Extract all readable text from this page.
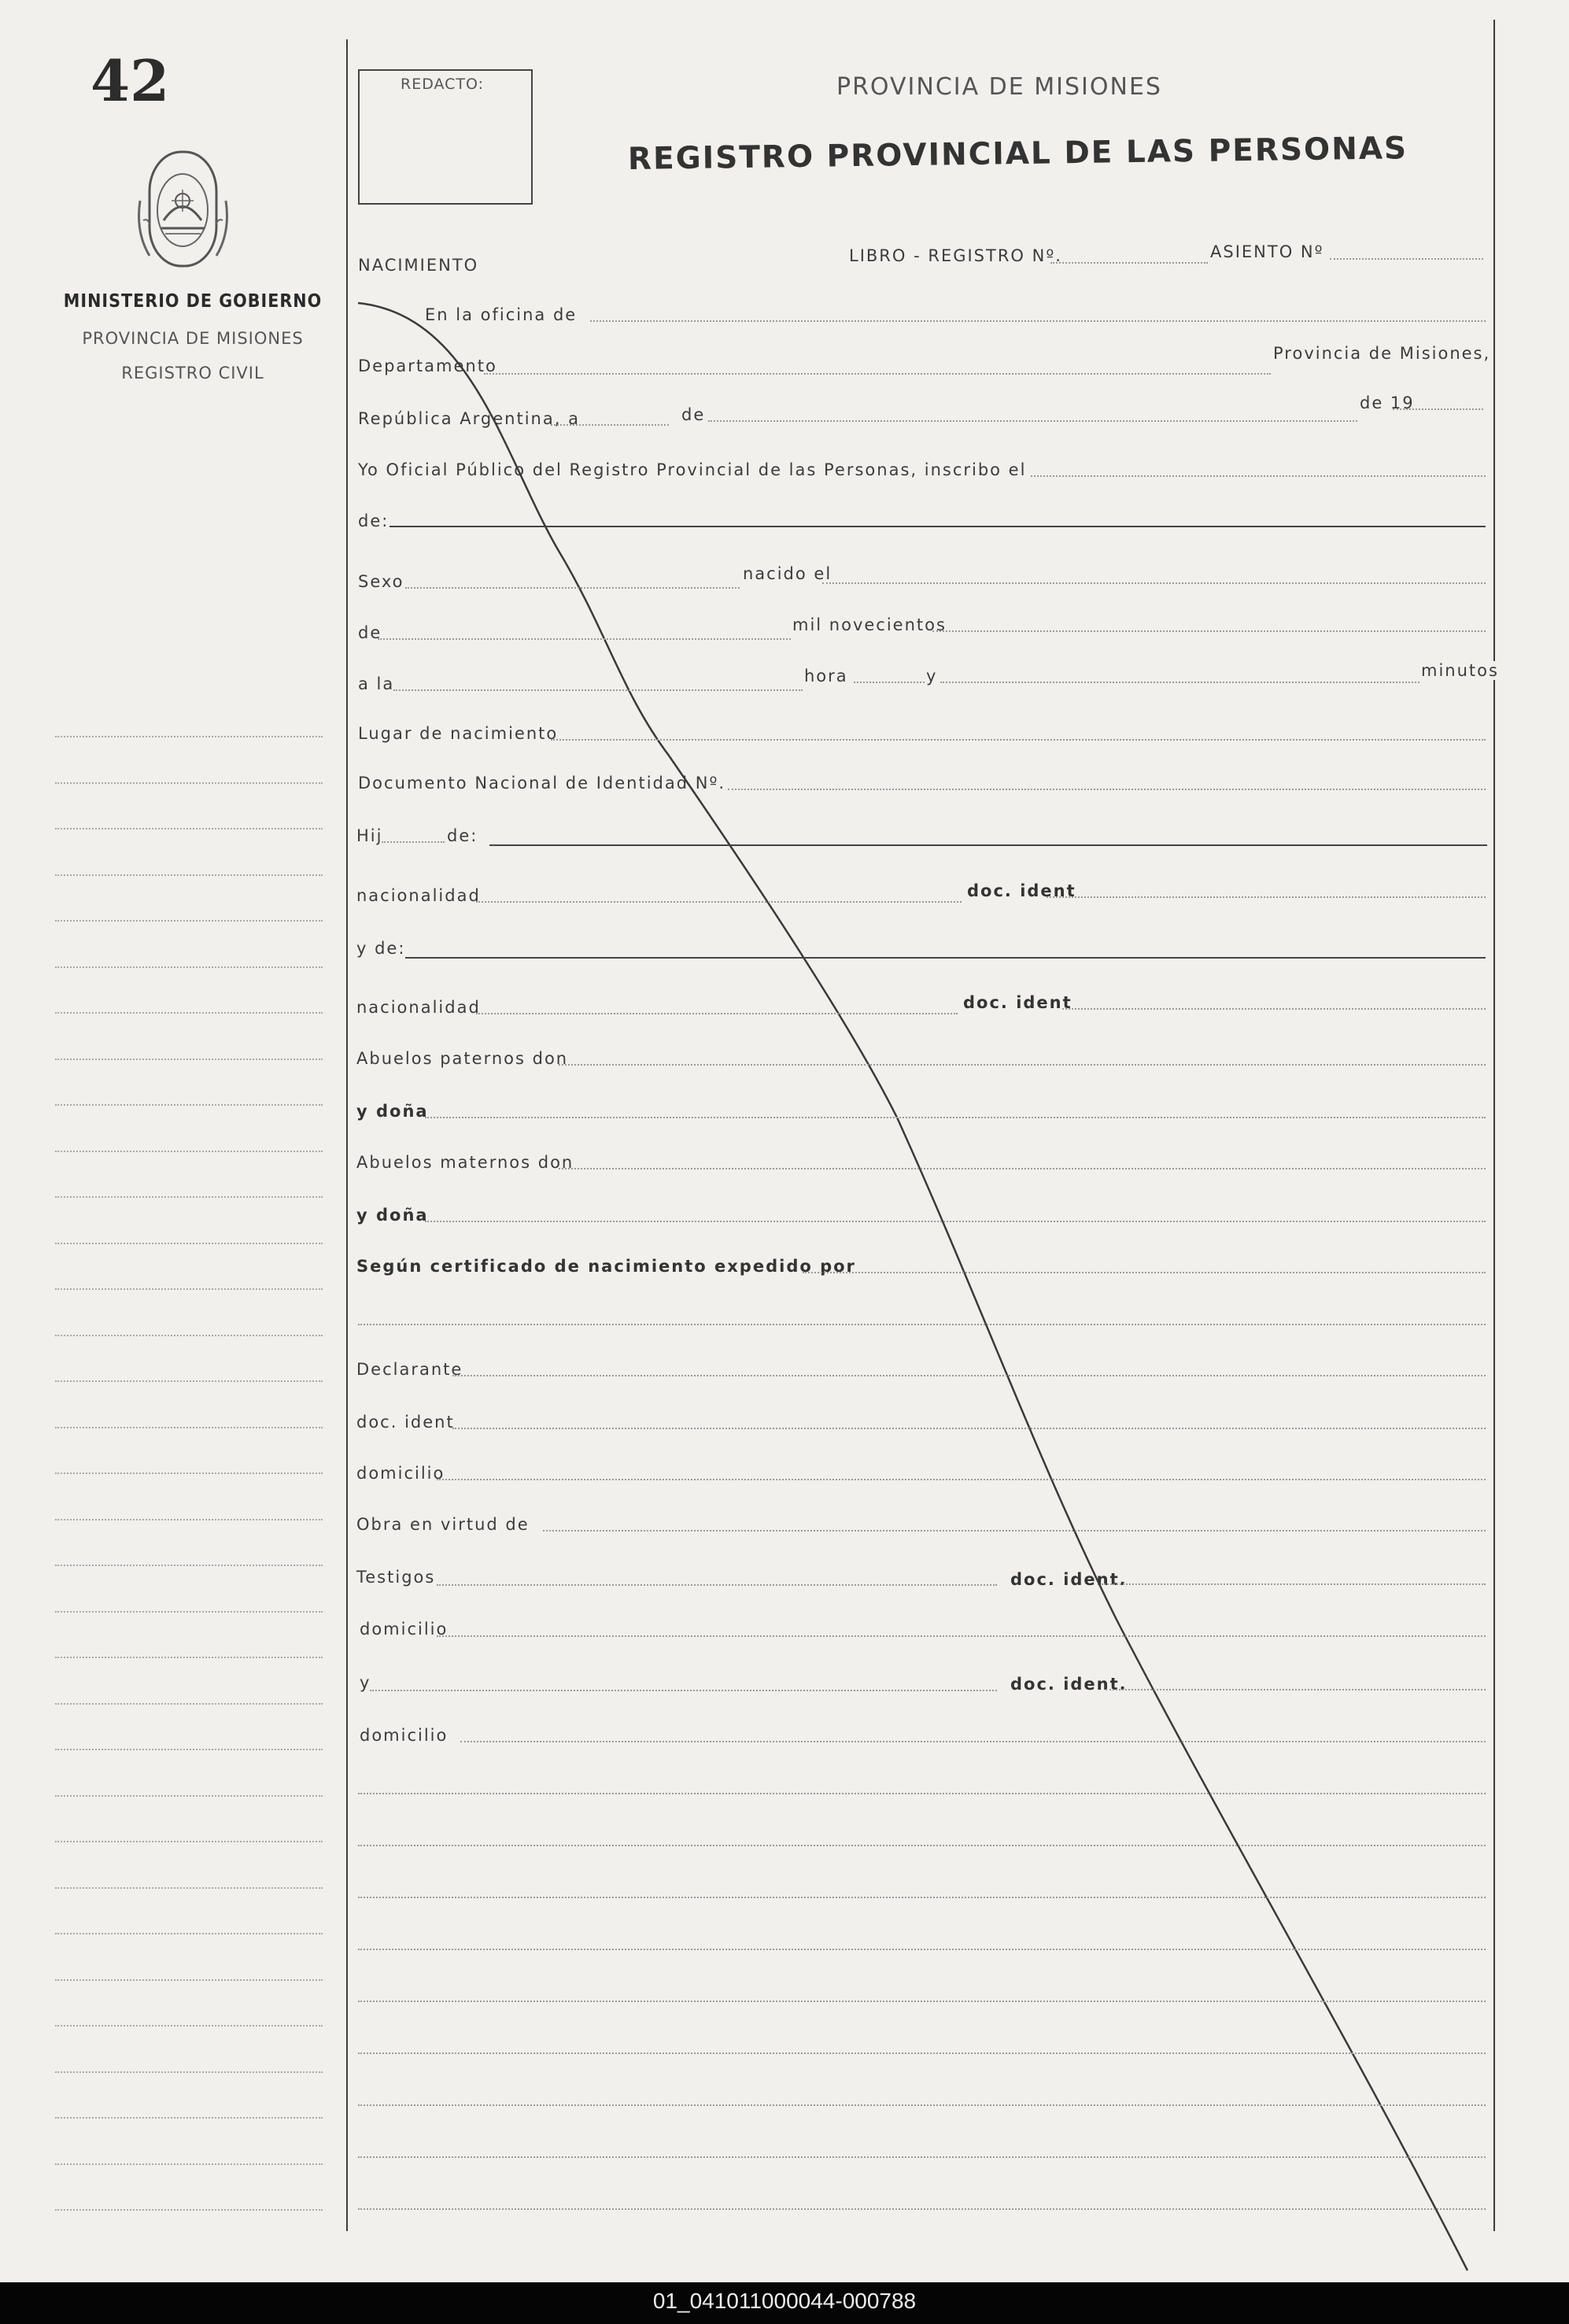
42
MINISTERIO DE GOBIERNO
PROVINCIA DE MISIONES
REGISTRO CIVIL
REDACTO:	PROVINCIA DE MISIONES
REGISTRO PROVINCIAL DE LAS PERSONAS
NACIMIENTO	LIBRO - REGISTRO Nº.	ASIENTO Nº
En la oficina de
Departamento
Provincia de Misiones,
República Argentina, a	de
de 19
Yo Oficial Público del Registro Provincial de las Personas, inscribo el
de:
Sexo	nacido el
de	mil novecientos
a la	hora	y	minutos
Lugar de nacimiento
Documento Nacional de Identidad Nº.
Hij	de:
nacionalidad	doc. ident
y de:
nacionalidad	doc. ident
Abuelos paternos don
y doña
Abuelos maternos don
y doña
Según certificado de nacimiento expedido por
Declarante
doc. ident
domicilio
Obra en virtud de
Testigos	doc. ident.
domicilio
y	doc. ident.
domicilio
01_041011000044-000788
